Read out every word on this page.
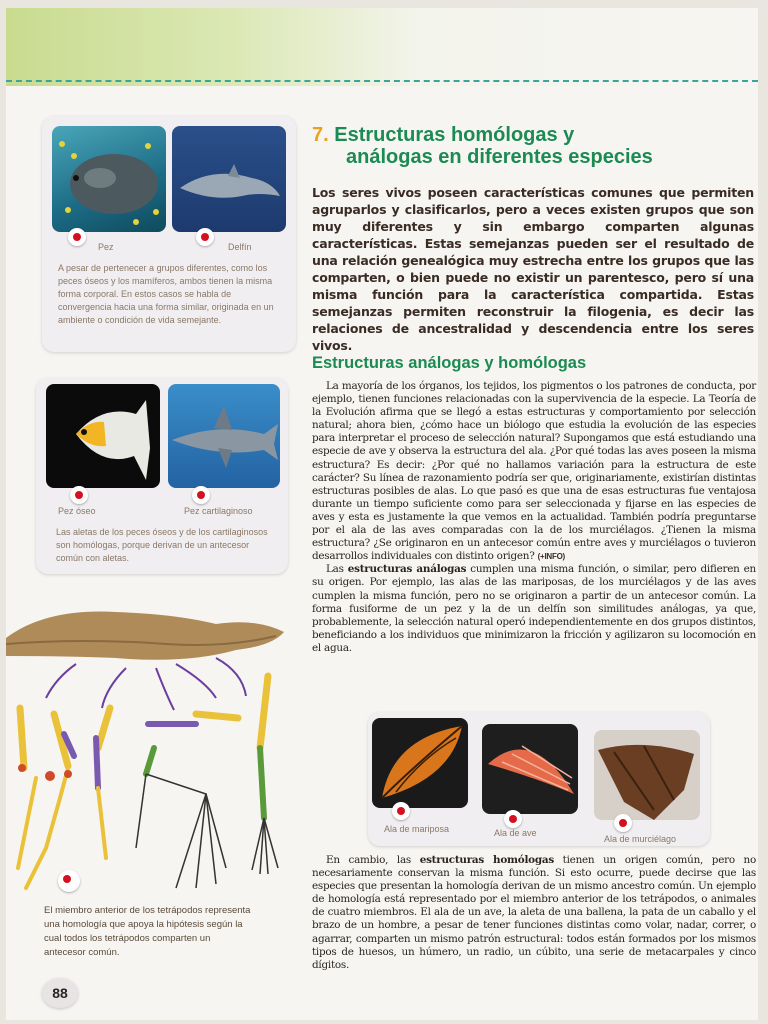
Pez	Delfín
A pesar de pertenecer a grupos diferentes, como los peces óseos y los mamíferos, ambos tienen la misma forma corporal. En estos casos se habla de convergencia hacia una forma similar, originada en un ambiente o condición de vida semejante.
Pez óseo	Pez cartilaginoso
Las aletas de los peces óseos y de los cartilaginosos son homólogas, porque derivan de un antecesor común con aletas.
El miembro anterior de los tetrápodos representa una homología que apoya la hipótesis según la cual todos los tetrápodos comparten un antecesor común.
88
7. Estructuras homólogas y
análogas en diferentes especies
Los seres vivos poseen características comunes que permiten agruparlos y clasificarlos, pero a veces existen grupos que son muy diferentes y sin embargo comparten algunas características. Estas semejanzas pueden ser el resultado de una relación genealógica muy estrecha entre los grupos que las comparten, o bien puede no existir un parentesco, pero sí una misma función para la característica compartida. Estas semejanzas permiten reconstruir la filogenia, es decir las relaciones de ancestralidad y descendencia entre los seres vivos.
Estructuras análogas y homólogas

La mayoría de los órganos, los tejidos, los pigmentos o los patrones de conducta, por ejemplo, tienen funciones relacionadas con la supervivencia de la especie. La Teoría de la Evolución afirma que se llegó a estas estructuras y comportamiento por selección natural; ahora bien, ¿cómo hace un biólogo que estudia la evolución de las especies para interpretar el proceso de selección natural? Supongamos que está estudiando una especie de ave y observa la estructura del ala. ¿Por qué todas las aves poseen la misma estructura? Es decir: ¿Por qué no hallamos variación para la estructura de este carácter? Su línea de razonamiento podría ser que, originariamente, existirían distintas estructuras posibles de alas. Lo que pasó es que una de esas estructuras fue ventajosa durante un tiempo suficiente como para ser seleccionada y fijarse en las especies de aves y esta es justamente la que vemos en la actualidad. También podría preguntarse por el ala de las aves comparadas con la de los murciélagos. ¿Tienen la misma estructura? ¿Se originaron en un antecesor común entre aves y murciélagos o tuvieron desarrollos individuales con distinto origen? (+INFO)

Las estructuras análogas cumplen una misma función, o similar, pero difieren en su origen. Por ejemplo, las alas de las mariposas, de los murciélagos y de las aves cumplen la misma función, pero no se originaron a partir de un antecesor común. La forma fusiforme de un pez y la de un delfín son similitudes análogas, ya que, probablemente, la selección natural operó independientemente en dos grupos distintos, beneficiando a los individuos que minimizaron la fricción y agilizaron su locomoción en el agua.

Ala de mariposa	Ala de ave
Ala de murciélago

En cambio, las estructuras homólogas tienen un origen común, pero no necesariamente conservan la misma función. Si esto ocurre, puede decirse que las especies que presentan la homología derivan de un mismo ancestro común. Un ejemplo de homología está representado por el miembro anterior de los tetrápodos, o animales de cuatro miembros. El ala de un ave, la aleta de una ballena, la pata de un caballo y el brazo de un hombre, a pesar de tener funciones distintas como volar, nadar, correr, o agarrar, comparten un mismo patrón estructural: todos están formados por los mismos tipos de huesos, un húmero, un radio, un cúbito, una serie de metacarpales y cinco dígitos.
